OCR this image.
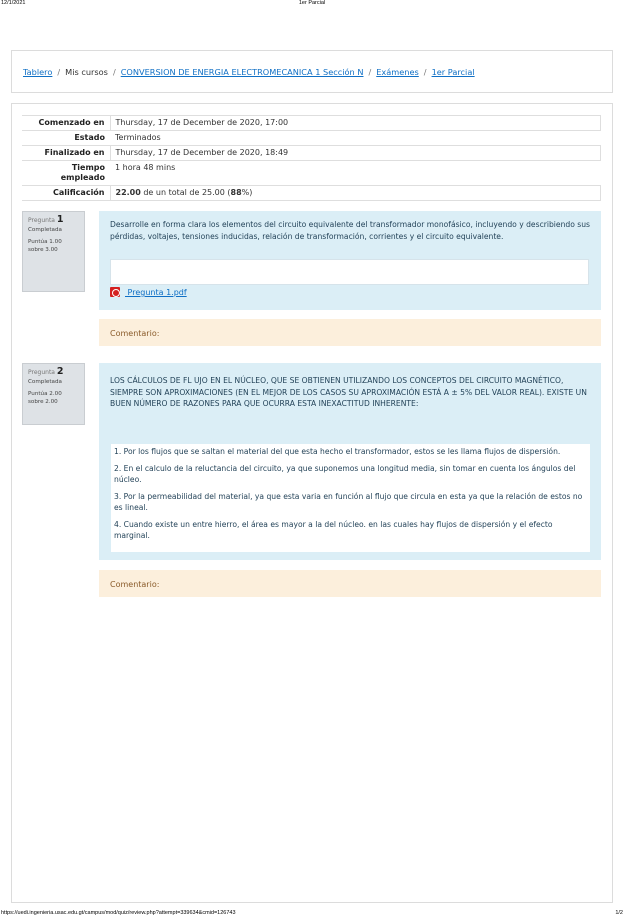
12/1/2021	1er Parcial
Tablero / Mis cursos / CONVERSION DE ENERGIA ELECTROMECANICA 1 Sección N / Exámenes / 1er Parcial
Comenzado en	Thursday, 17 de December de 2020, 17:00
Estado	Terminados
Finalizado en	Thursday, 17 de December de 2020, 18:49
Tiempo
empleado	1 hora 48 mins
Calificación	22.00 de un total de 25.00 (88%)
Pregunta 1
Completada
Puntúa 1.00
sobre 3.00
Desarrolle en forma clara los elementos del circuito equivalente del transformador monofásico, incluyendo y describiendo sus pérdidas, voltajes, tensiones inducidas, relación de transformación, corrientes y el circuito equivalente.
Pregunta 1.pdf
Comentario:
Pregunta 2
Completada
Puntúa 2.00
sobre 2.00
LOS CÁLCULOS DE FL UJO EN EL NÚCLEO, QUE SE OBTIENEN UTILIZANDO LOS CONCEPTOS DEL CIRCUITO MAGNÉTICO, SIEMPRE SON APROXIMACIONES (EN EL MEJOR DE LOS CASOS SU APROXIMACIÓN ESTÁ A ± 5% DEL VALOR REAL). EXISTE UN BUEN NÚMERO DE RAZONES PARA QUE OCURRA ESTA INEXACTITUD INHERENTE:

1. Por los flujos que se saltan el material del que esta hecho el transformador, estos se les llama flujos de dispersión.

2. En el calculo de la reluctancia del circuito, ya que suponemos una longitud media, sin tomar en cuenta los ángulos del núcleo.

3. Por la permeabilidad del material, ya que esta varia en función al flujo que circula en esta ya que la relación de estos no es lineal.

4. Cuando existe un entre hierro, el área es mayor a la del núcleo. en las cuales hay flujos de dispersión y el efecto marginal.

Comentario:
https://uedi.ingenieria.usac.edu.gt/campus/mod/quiz/review.php?attempt=339634&cmid=126743	1/2
